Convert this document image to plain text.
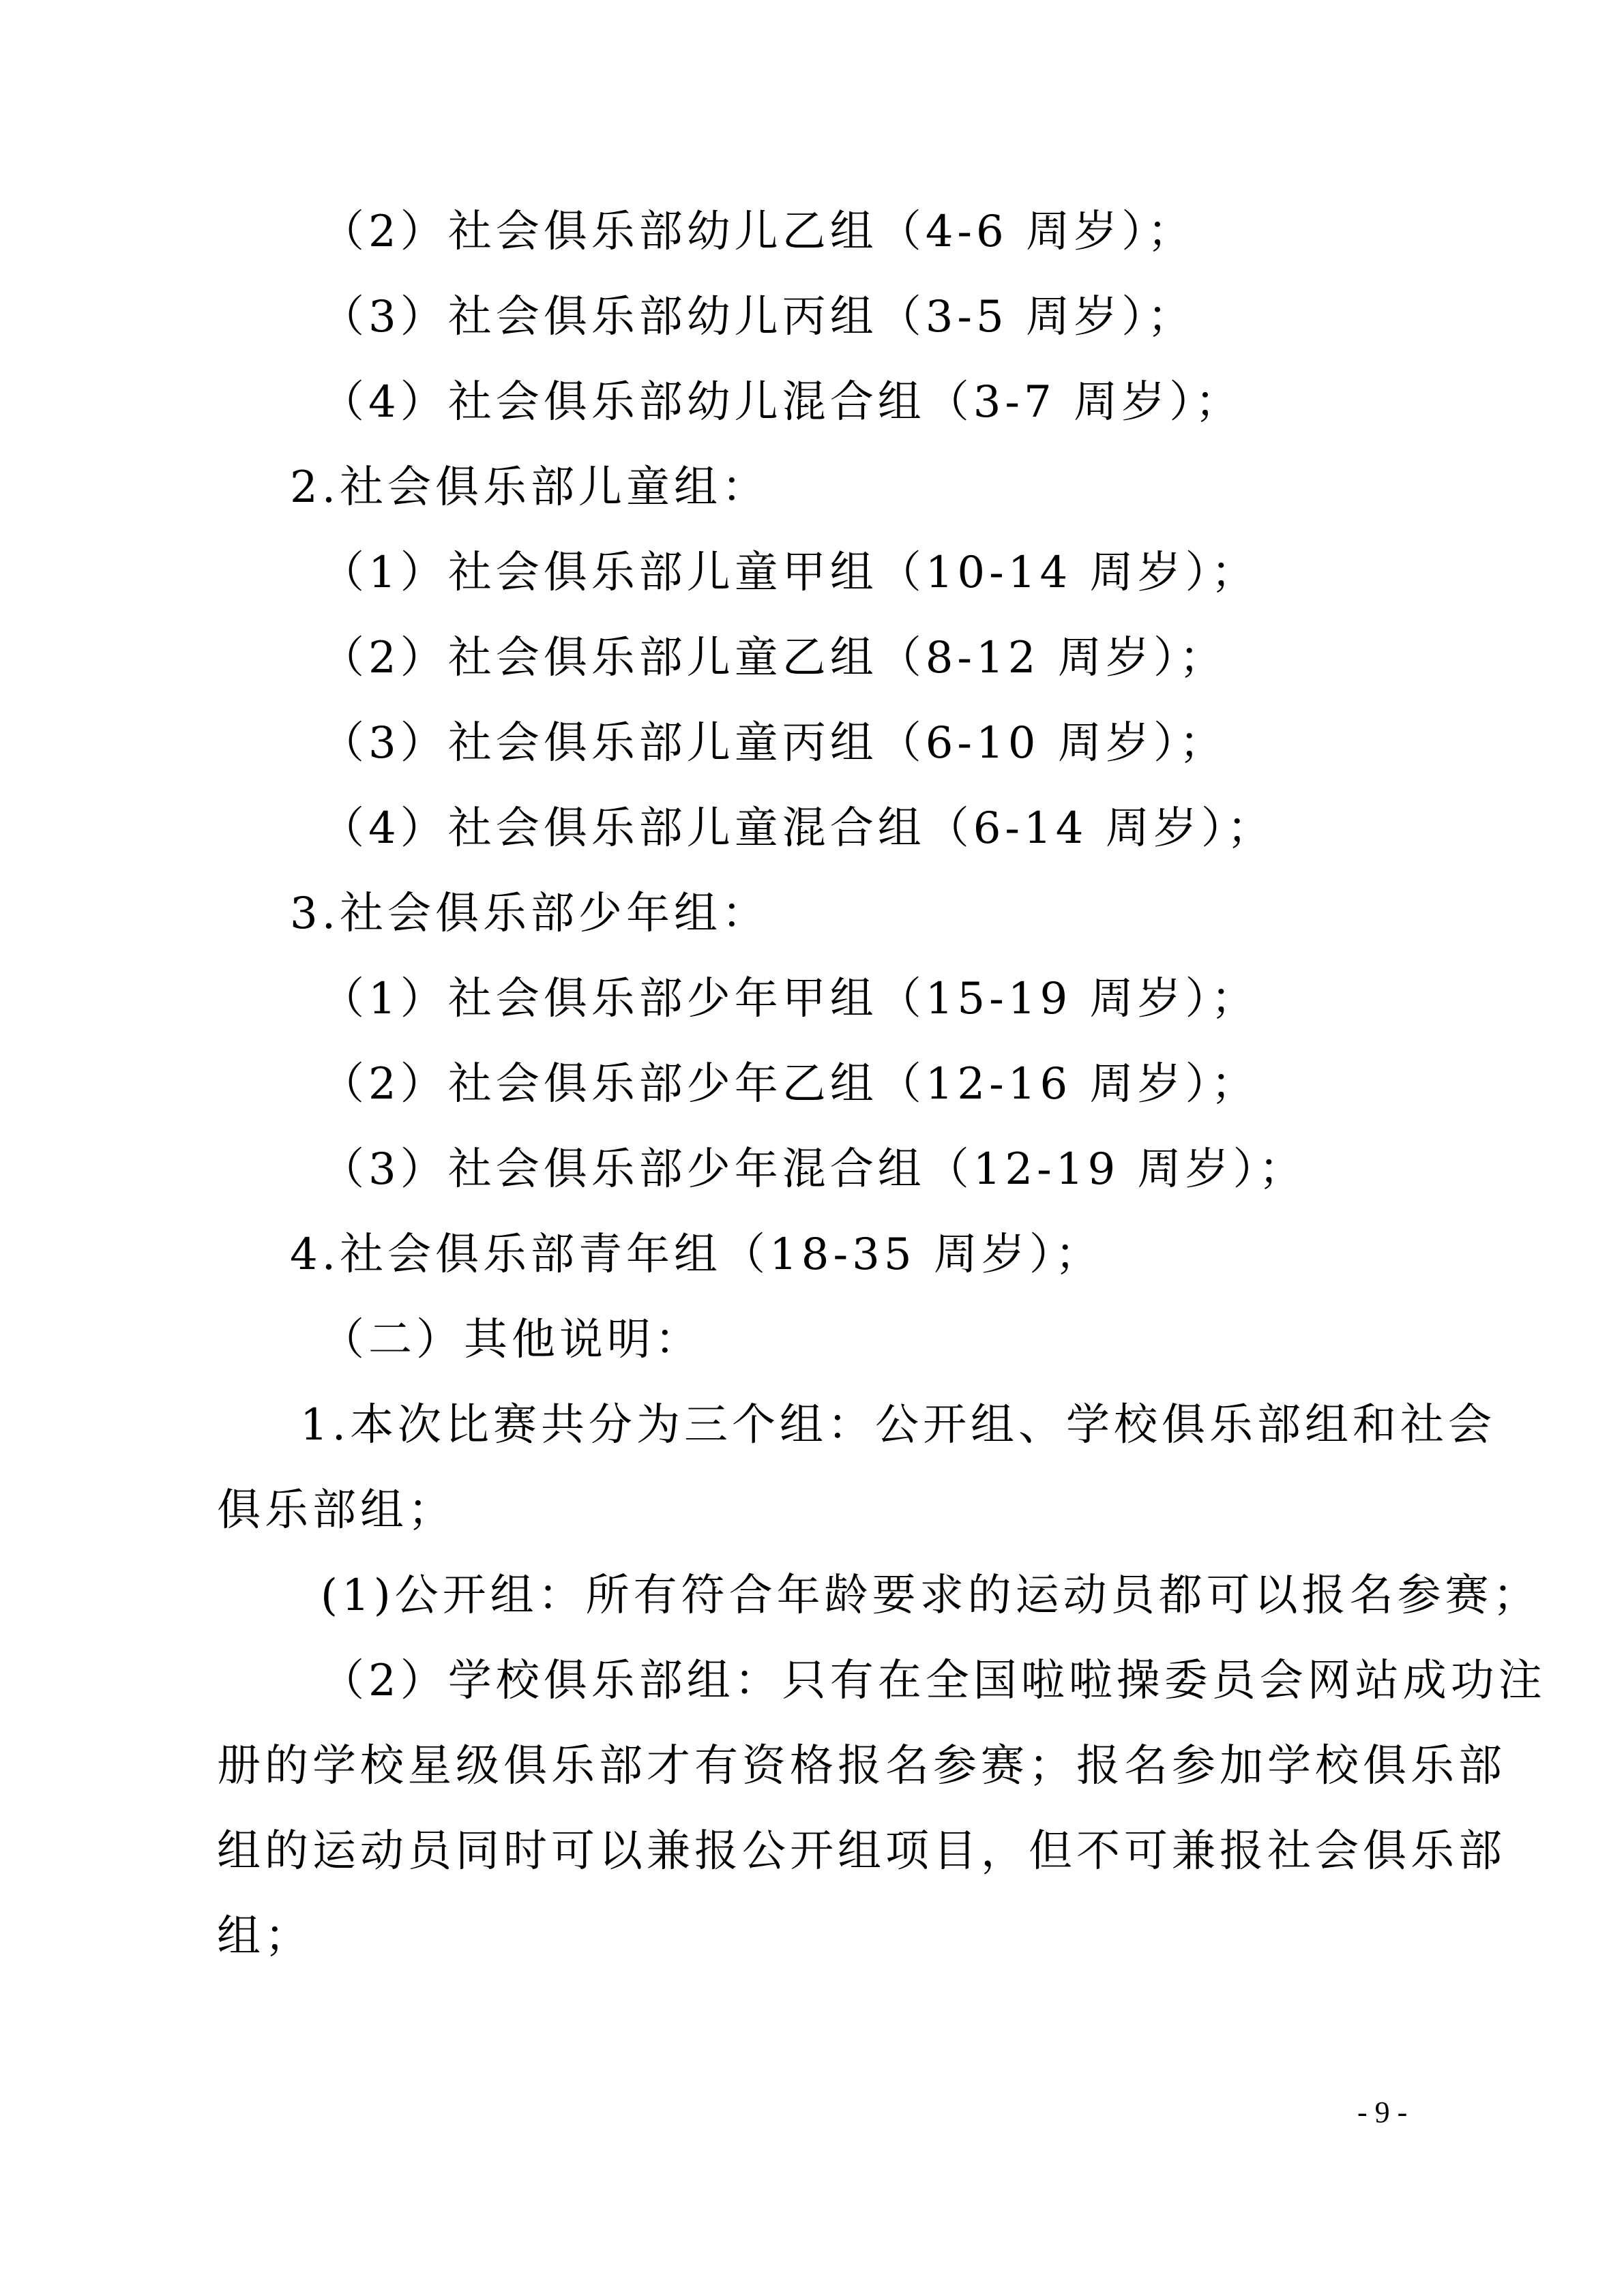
（2）社会俱乐部幼儿乙组（4-6 周岁）；
（3）社会俱乐部幼儿丙组（3-5 周岁）；
（4）社会俱乐部幼儿混合组（3-7 周岁）；
2.社会俱乐部儿童组：
（1）社会俱乐部儿童甲组（10-14 周岁）；
（2）社会俱乐部儿童乙组（8-12 周岁）；
（3）社会俱乐部儿童丙组（6-10 周岁）；
（4）社会俱乐部儿童混合组（6-14 周岁）；
3.社会俱乐部少年组：
（1）社会俱乐部少年甲组（15-19 周岁）；
（2）社会俱乐部少年乙组（12-16 周岁）；
（3）社会俱乐部少年混合组（12-19 周岁）；
4.社会俱乐部青年组（18-35 周岁）；
（二）其他说明：
1.本次比赛共分为三个组：公开组、学校俱乐部组和社会
俱乐部组；
(1)公开组：所有符合年龄要求的运动员都可以报名参赛；
（2）学校俱乐部组：只有在全国啦啦操委员会网站成功注
册的学校星级俱乐部才有资格报名参赛；报名参加学校俱乐部
组的运动员同时可以兼报公开组项目，但不可兼报社会俱乐部
组；
- 9 -
